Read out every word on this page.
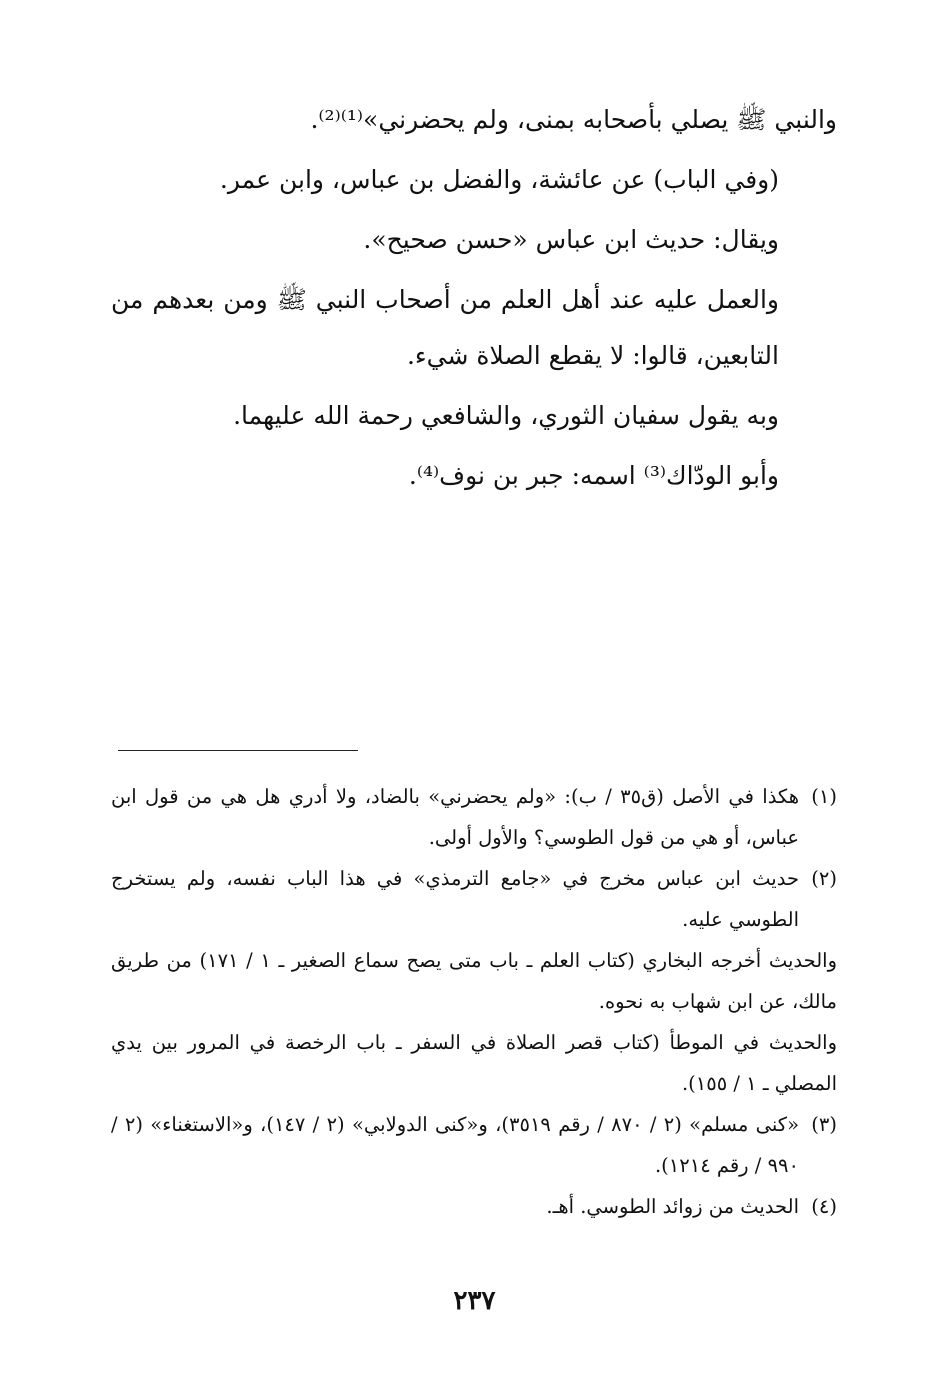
والنبي ﷺ يصلي بأصحابه بمنى، ولم يحضرني»⁽¹⁾⁽²⁾.

(وفي الباب) عن عائشة، والفضل بن عباس، وابن عمر.

ويقال: حديث ابن عباس «حسن صحيح».

والعمل عليه عند أهل العلم من أصحاب النبي ﷺ ومن بعدهم من التابعين، قالوا: لا يقطع الصلاة شيء.

وبه يقول سفيان الثوري، والشافعي رحمة الله عليهما.

وأبو الودّاك⁽³⁾ اسمه: جبر بن نوف⁽⁴⁾.

(١)

هكذا في الأصل (ق٣٥ / ب): «ولم يحضرني» بالضاد، ولا أدري هل هي من قول ابن عباس، أو هي من قول الطوسي؟ والأول أولى.

(٢)

حديث ابن عباس مخرج في «جامع الترمذي» في هذا الباب نفسه، ولم يستخرج الطوسي عليه.

والحديث أخرجه البخاري (كتاب العلم ـ باب متى يصح سماع الصغير ـ ١ / ١٧١) من طريق مالك، عن ابن شهاب به نحوه.

والحديث في الموطأ (كتاب قصر الصلاة في السفر ـ باب الرخصة في المرور بين يدي المصلي ـ ١ / ١٥٥).

(٣)

«كنى مسلم» (٢ / ٨٧٠ / رقم ٣٥١٩)، و«كنى الدولابي» (٢ / ١٤٧)، و«الاستغناء» (٢ / ٩٩٠ / رقم ١٢١٤).

(٤)

الحديث من زوائد الطوسي. أهـ.

٢٣٧
